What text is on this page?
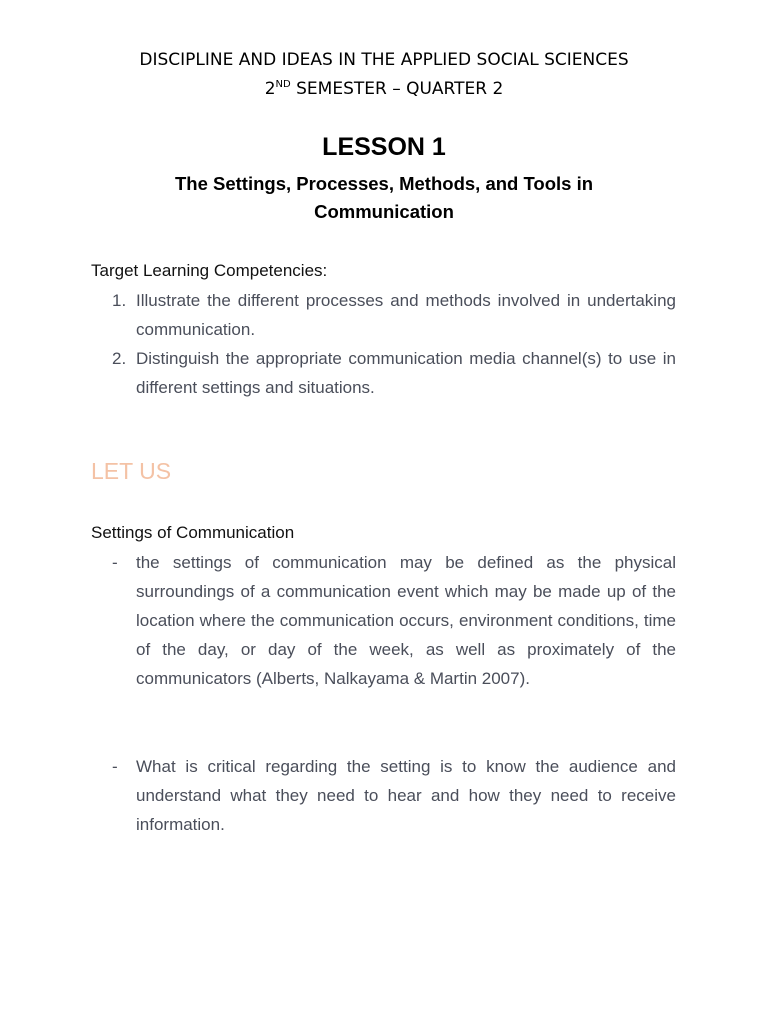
DISCIPLINE AND IDEAS IN THE APPLIED SOCIAL SCIENCES
2ND SEMESTER – QUARTER 2
LESSON 1
The Settings, Processes, Methods, and Tools in Communication
Target Learning Competencies:
1. Illustrate the different processes and methods involved in undertaking communication.
2. Distinguish the appropriate communication media channel(s) to use in different settings and situations.
LET US
Settings of Communication
- the settings of communication may be defined as the physical surroundings of a communication event which may be made up of the location where the communication occurs, environment conditions, time of the day, or day of the week, as well as proximately of the communicators (Alberts, Nalkayama & Martin 2007).
- What is critical regarding the setting is to know the audience and understand what they need to hear and how they need to receive information.
